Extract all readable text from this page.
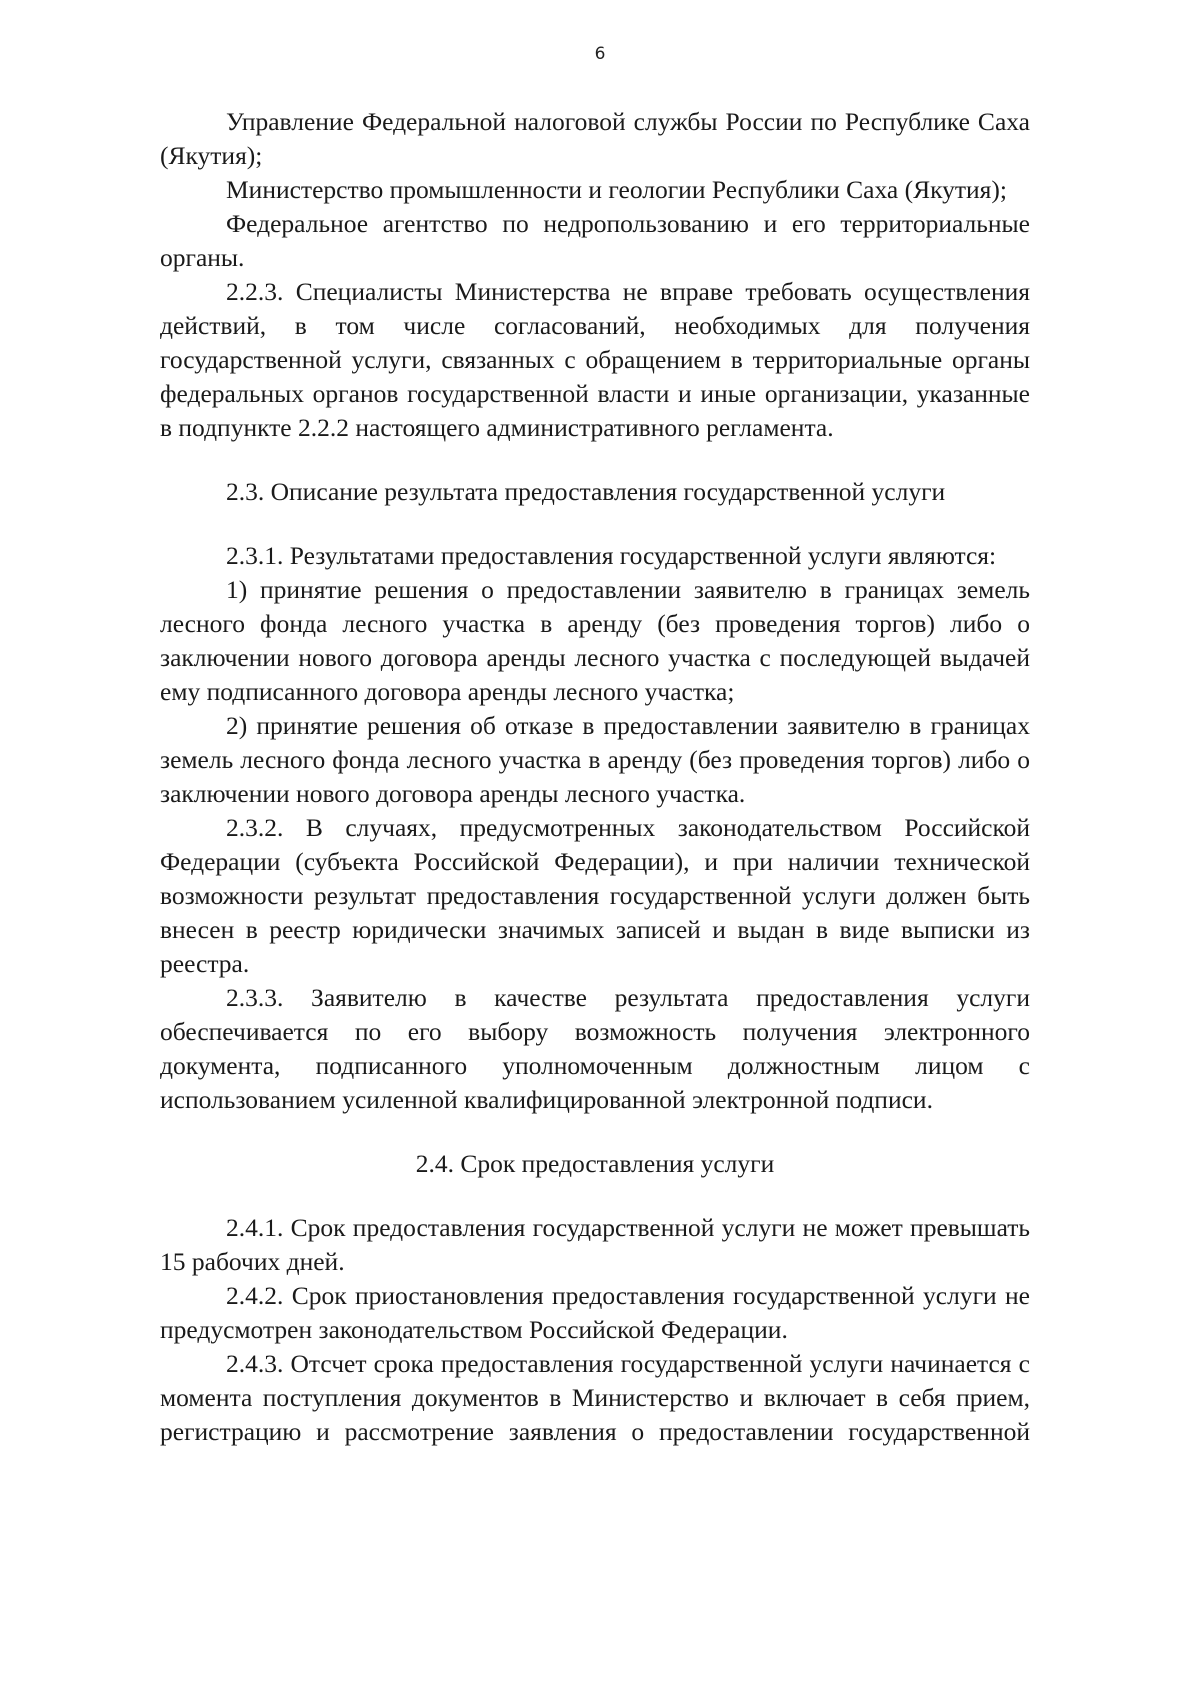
6

Управление Федеральной налоговой службы России по Республике Саха (Якутия);

Министерство промышленности и геологии Республики Саха (Якутия);

Федеральное агентство по недропользованию и его территориальные органы.

2.2.3. Специалисты Министерства не вправе требовать осуществления действий, в том числе согласований, необходимых для получения государственной услуги, связанных с обращением в территориальные органы федеральных органов государственной власти и иные организации, указанные в подпункте 2.2.2 настоящего административного регламента.

2.3. Описание результата предоставления государственной услуги

2.3.1. Результатами предоставления государственной услуги являются:

1) принятие решения о предоставлении заявителю в границах земель лесного фонда лесного участка в аренду (без проведения торгов) либо о заключении нового договора аренды лесного участка с последующей выдачей ему подписанного договора аренды лесного участка;

2) принятие решения об отказе в предоставлении заявителю в границах земель лесного фонда лесного участка в аренду (без проведения торгов) либо о заключении нового договора аренды лесного участка.

2.3.2. В случаях, предусмотренных законодательством Российской Федерации (субъекта Российской Федерации), и при наличии технической возможности результат предоставления государственной услуги должен быть внесен в реестр юридически значимых записей и выдан в виде выписки из реестра.

2.3.3. Заявителю в качестве результата предоставления услуги обеспечивается по его выбору возможность получения электронного документа, подписанного уполномоченным должностным лицом с использованием усиленной квалифицированной электронной подписи.

2.4. Срок предоставления услуги

2.4.1. Срок предоставления государственной услуги не может превышать 15 рабочих дней.

2.4.2. Срок приостановления предоставления государственной услуги не предусмотрен законодательством Российской Федерации.

2.4.3. Отсчет срока предоставления государственной услуги начинается с момента поступления документов в Министерство и включает в себя прием, регистрацию и рассмотрение заявления о предоставлении государственной
